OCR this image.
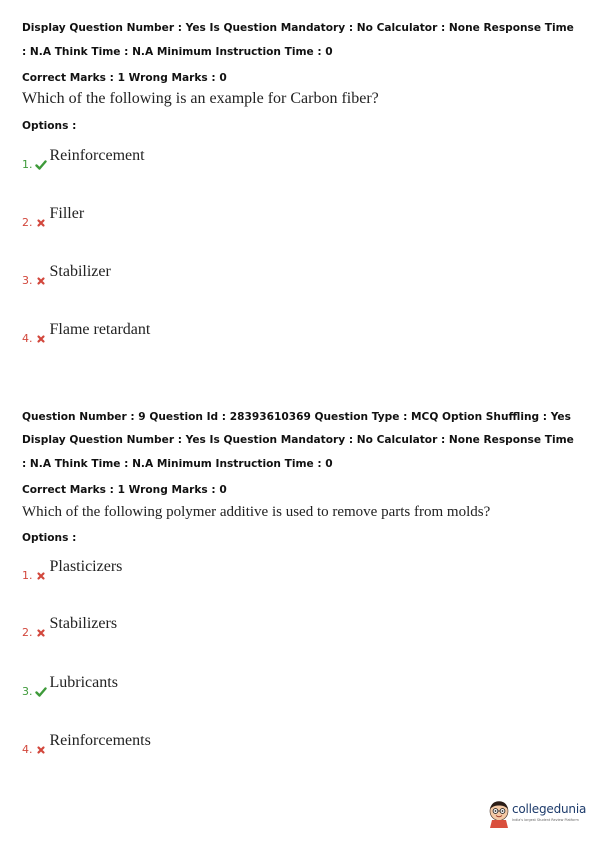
Display Question Number : Yes Is Question Mandatory : No Calculator : None Response Time

: N.A Think Time : N.A Minimum Instruction Time : 0

Correct Marks : 1 Wrong Marks : 0

Which of the following is an example for Carbon fiber?

Options :

1.
Reinforcement
2.
Filler
3.
Stabilizer
4.
Flame retardant

Question Number : 9 Question Id : 28393610369 Question Type : MCQ Option Shuffling : Yes

Display Question Number : Yes Is Question Mandatory : No Calculator : None Response Time

: N.A Think Time : N.A Minimum Instruction Time : 0

Correct Marks : 1 Wrong Marks : 0

Which of the following polymer additive is used to remove parts from molds?

Options :

1.
Plasticizers
2.
Stabilizers
3.
Lubricants
4.
Reinforcements
collegedunia
India's largest Student Review Platform
